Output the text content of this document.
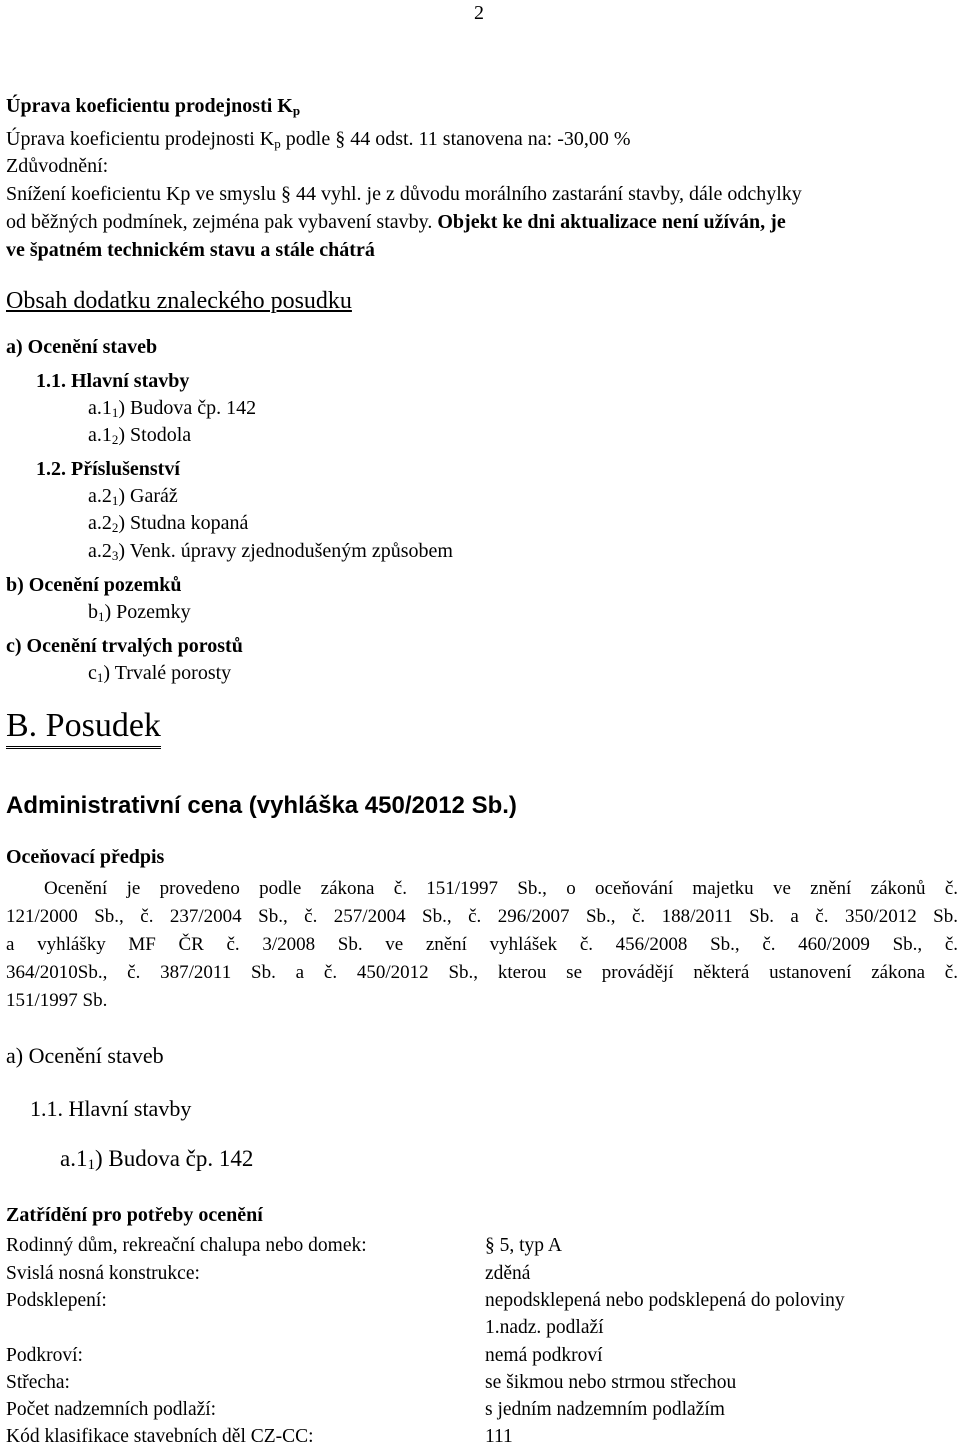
2
Úprava koeficientu prodejnosti $K_p$
Úprava koeficientu prodejnosti $K_p$ podle § 44 odst. 11 stanovena na: -30,00 %
Zdůvodnění:
Snížení koeficientu Kp ve smyslu § 44 vyhl. je z důvodu morálního zastarání stavby, dále odchylky
od běžných podmínek, zejména pak vybavení stavby. Objekt ke dni aktualizace není užíván, je
ve špatném technickém stavu a stále chátrá
Obsah dodatku znaleckého posudku
a) Ocenění staveb
1.1. Hlavní stavby
$a.1_1$) Budova čp. 142
$a.1_2$) Stodola
1.2. Příslušenství
$a.2_1$) Garáž
$a.2_2$) Studna kopaná
$a.2_3$) Venk. úpravy zjednodušeným způsobem
b) Ocenění pozemků
$b_1$) Pozemky
c) Ocenění trvalých porostů
$c_1$) Trvalé porosty
B. Posudek
Administrativní cena (vyhláška 450/2012 Sb.)
Oceňovací předpis
Ocenění je provedeno podle zákona č. 151/1997 Sb., o oceňování majetku ve znění zákonů č.
121/2000 Sb., č. 237/2004 Sb., č. 257/2004 Sb., č. 296/2007 Sb., č. 188/2011 Sb. a č. 350/2012 Sb.
a vyhlášky MF ČR č. 3/2008 Sb. ve znění vyhlášek č. 456/2008 Sb., č. 460/2009 Sb., č.
364/2010Sb., č. 387/2011 Sb. a č. 450/2012 Sb., kterou se provádějí některá ustanovení zákona č.
151/1997 Sb.
a) Ocenění staveb
1.1. Hlavní stavby
$a.1_1$) Budova čp. 142
Zatřídění pro potřeby ocenění
Rodinný dům, rekreační chalupa nebo domek:	§ 5, typ A
Svislá nosná konstrukce:	zděná
Podsklepení:	nepodsklepená nebo podsklepená do poloviny
1.nadz. podlaží
Podkroví:	nemá podkroví
Střecha:	se šikmou nebo strmou střechou
Počet nadzemních podlaží:	s jedním nadzemním podlažím
Kód klasifikace stavebních děl CZ-CC:	111
